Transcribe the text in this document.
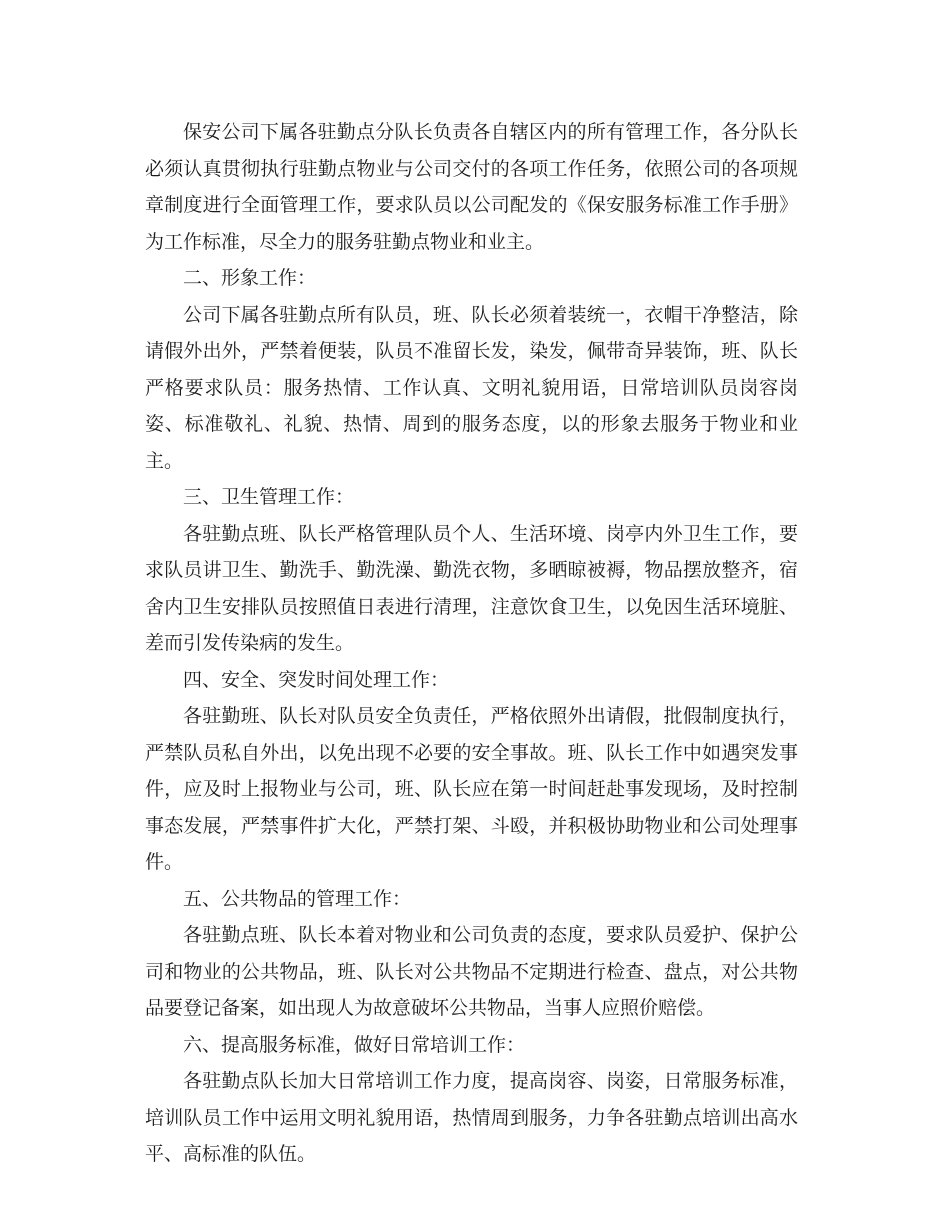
保安公司下属各驻勤点分队长负责各自辖区内的所有管理工作，各分队长必须认真贯彻执行驻勤点物业与公司交付的各项工作任务，依照公司的各项规章制度进行全面管理工作，要求队员以公司配发的《保安服务标准工作手册》为工作标准，尽全力的服务驻勤点物业和业主。

二、形象工作：

公司下属各驻勤点所有队员，班、队长必须着装统一，衣帽干净整洁，除请假外出外，严禁着便装，队员不准留长发，染发，佩带奇异装饰，班、队长严格要求队员：服务热情、工作认真、文明礼貌用语，日常培训队员岗容岗姿、标准敬礼、礼貌、热情、周到的服务态度，以的形象去服务于物业和业主。

三、卫生管理工作：

各驻勤点班、队长严格管理队员个人、生活环境、岗亭内外卫生工作，要求队员讲卫生、勤洗手、勤洗澡、勤洗衣物，多晒晾被褥，物品摆放整齐，宿舍内卫生安排队员按照值日表进行清理，注意饮食卫生，以免因生活环境脏、差而引发传染病的发生。

四、安全、突发时间处理工作：

各驻勤班、队长对队员安全负责任，严格依照外出请假，批假制度执行，严禁队员私自外出，以免出现不必要的安全事故。班、队长工作中如遇突发事件，应及时上报物业与公司，班、队长应在第一时间赶赴事发现场，及时控制事态发展，严禁事件扩大化，严禁打架、斗殴，并积极协助物业和公司处理事件。

五、公共物品的管理工作：

各驻勤点班、队长本着对物业和公司负责的态度，要求队员爱护、保护公司和物业的公共物品，班、队长对公共物品不定期进行检查、盘点，对公共物品要登记备案，如出现人为故意破坏公共物品，当事人应照价赔偿。

六、提高服务标准，做好日常培训工作：

各驻勤点队长加大日常培训工作力度，提高岗容、岗姿，日常服务标准，培训队员工作中运用文明礼貌用语，热情周到服务，力争各驻勤点培训出高水平、高标准的队伍。
